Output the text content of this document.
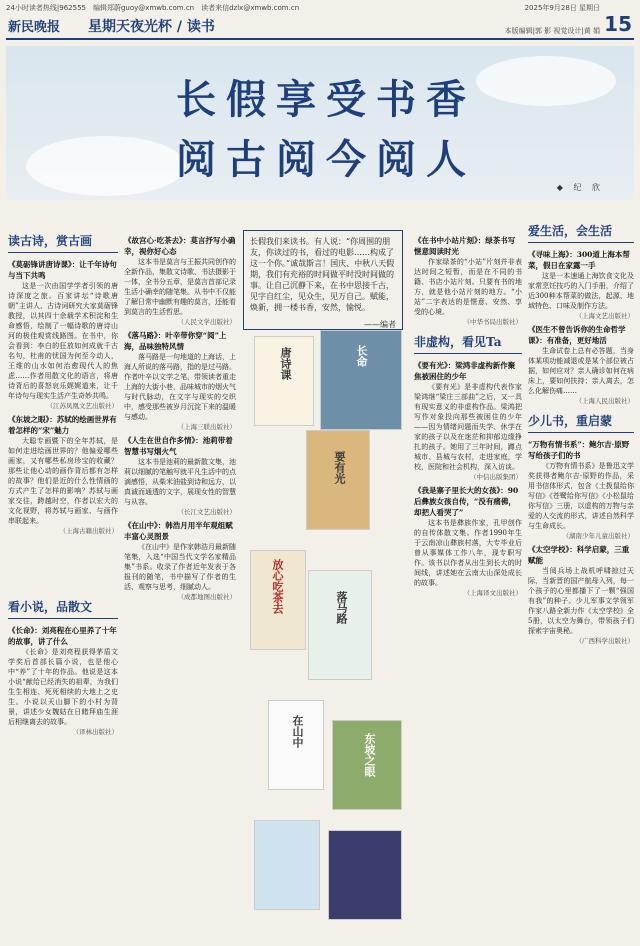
24小时读者热线|962555　编辑郑蔚guoy@xmwb.com.cn　读者来信dzlx@xmwb.com.cn	2025年9月28日 星期日
新民晚报 星期天夜光杯 / 读书	本版编辑|郭 影 视觉设计|黄 娟 15
长假享受书香
阅古阅今阅人
◆ 纪 欣
读古诗，赏古画
《莫砺锋讲唐诗课》：让千年诗句与当下共鸣

这是一次由国学学者引领的唐诗深度之旅。百家讲坛“诗歌唐朝”主讲人、古诗词研究大家莫砺锋教授，以其四十余载学术积淀和生命感悟，绘制了一幅诗歌的唐诗山河的极佳观赏线路图。在书中，你会看到：李白的狂放如何成就千古名句，杜甫的忧国为何至今动人，王维的山水如何治愈现代人的焦虑……作者用散文化的语言，将唐诗背后的喜怒哀乐娓娓道来，让千年诗句与现实生活产生奇妙共鸣。

（江苏凤凰文艺出版社）
《东坡之眼》：苏轼的绘画世界有着怎样的“宋”魅力

大聪专画暨下的全年苏轼，是如何走进绘画世界的？他偏爱哪些画家，又有哪些私房珍宝的收藏？那些让他心动的画作背后都有怎样的故事？他们是近的什么性情画的方式产生了怎样的影响？苏轼与画家交往，跨越时空，作者以宏大的文化视野，将苏轼与画家、与画作串联起来。

（上海古籍出版社）
看小说，品散文
《长命》：刘亮程在心里养了十年的故事，讲了什么

《长命》是刘亮程获得茅盾文学奖后首部长篇小说，也是他心中“养”了十年的作品。他说是这本小说“献给已经消失的祖辈，为我们生生相连、死死相续的大地上之史生。小说以天山脚下的小村为背景，讲述少女魏姑在日睹拜庙生涯后相继离去的故事。

（译林出版社）
《故宫心·吃茶去》：莫言抒写小确幸，视你好心态

这本书是莫言与王振共同创作的全新作品，集散文诗歌、书法摄影于一体，全书分五章，是莫言首部记录生活小确幸的随笔集。从书中不仅能了解日常中幽默有趣的莫言，还能看到莫言的生活哲思。

（人民文学出版社）
《落马路》：叶辛带你穿“阅”上海，品味独特风情

落马路是一句地道的上海话，上海人所说的落马路，指的是过马路。作者叶辛以文学之笔，带领读者重走上海的大街小巷，品味城市的烟火气与时代脉动，在文字与现实的交织中，感受那些被岁月沉淀下来的温暖与感动。

（上海三联出版社）
《人生在世自作多情》：池莉带着智慧书写烟火气

这本书是池莉的最新散文集，池莉以细腻的笔触写就平凡生活中的点滴感悟，从柴米油盐到诗和远方，以真诚而通透的文字，展现女性的智慧与从容。

（长江文艺出版社）
《在山中》：韩浩月用半年观组赋丰富心灵图景

《在山中》是作家韩浩月最新随笔集，入选“中国当代文学名家精品集”书系。收录了作者近年发表于各报刊的随笔，书中描写了作者的生活、观察与思考，细腻动人。

（成都地图出版社）
长假我们来读书。有人说：“你周围的朋友，你读过的书，看过的电影……构成了这一个你。”诚哉斯言！国庆、中秋八天假期，我们有充裕的时间做平时没时间做的事。让自己沉静下来，在书中思接千古，见字自红尘，见众生，见万自己。赋能，焕新，拥一楼书香，安然，愉悦。
——编者
唐诗课	长命
要有光
放心吃茶去	落马路
在山中
东坡之眼
《在书中小站片刻》：绿茶书写惬意阅读时光

作家绿茶的“小站”片刻并非表达时间之短暂，而是在不同的书籍、书店小站片刻。只要有书的地方，就是他小站片刻的地方。“小站”二字表达的是惬意、安然、享受的心境。

（中华书局出版社）
非虚构，看见Ta
《要有光》：梁鸿非虚构新作聚焦被困住的少年

《要有光》是非虚构代表作家梁鸿继“梁庄三部曲”之后，又一具有现实意义的非虚构作品。梁鸿把写作对象投向那些被困住的少年——因为情绪问题而失学、休学在家的孩子以及在迷茫和抑郁边缘挣扎的孩子。她用了三年时间，蹲点城市、县城与农村，走进家庭，学校，医院和社会机构，深入访谈。

（中信出版集团）
《我是寨子里长大的女孩》：90后彝族女孩自传，“没有痛佛，却把人看哭了”

这本书是彝族作家，孔甲创作的自传体散文集。作者1990年生于云南凉山彝族村落，大专毕业后曾从事媒体工作八年，现专职写作。该书以作者从出生到长大的时间线，讲述她在云南大山深处成长的故事。

（上海译文出版社）
爱生活，会生活
《寻味上海》：300道上海本帮菜，假日在家露一手

这是一本速通上海饮食文化及家常烹饪技巧的入门手册，介绍了近300种本帮菜的做法，起源、地域特色、口味及制作方法。

（上海文艺出版社）
《医生不曾告诉你的生命哲学课》：有准备，更好地活

生命试卷上总有必答题，当身体某项功能减退或是某个部位被占据，如何应对？亲人确诊如何在病床上，要如何扶持；亲人离去，怎么化解伤痛……

（上海人民出版社）
少儿书，重启蒙
“万物有情书系”：鲍尔吉·原野写给孩子们的书

《万物有情书系》是鲁迅文学奖获得者鲍尔吉·原野的作品，采用书信体形式，包含《土拨鼠给你写信》《苍鹭给你写信》《小松鼠给你写信》三册，以虚构的万物与亲爱的人交流的形式，讲述自然科学与生命成长。

（湖南少年儿童出版社）
《太空学校》：科学启蒙，三重赋能

当阅兵场上战机呼啸掠过天际，当新晋的国产航母入列，每一个孩子的心里都播下了一颗“强国有我”的种子。少儿军事文学领军作家八路全新力作《太空学校》全5册，以太空为舞台，带领孩子们探索宇宙奥秘。

（广西科学出版社）
